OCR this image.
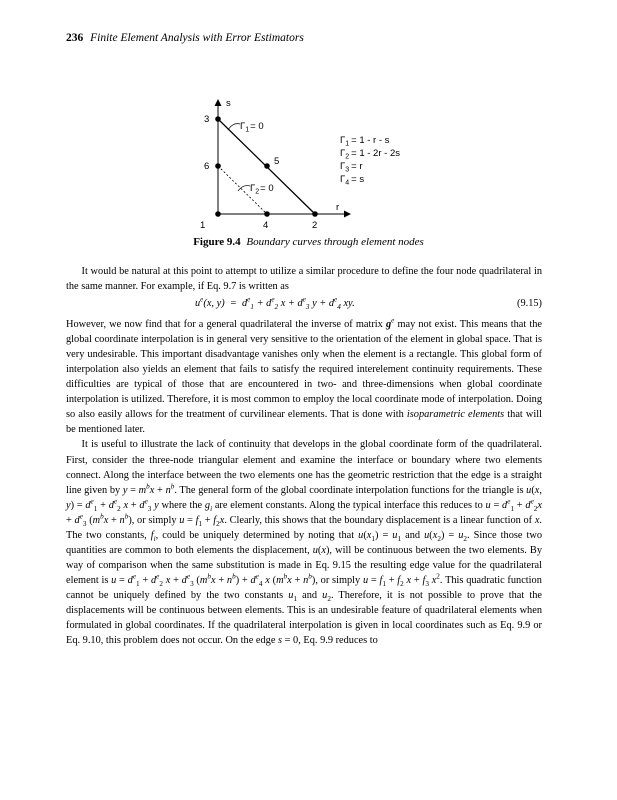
236 Finite Element Analysis with Error Estimators
s
r
1	2
3
4
5
6
$\Gamma_1= 0$
$\Gamma_2= 0$
$\Gamma_1 = 1 - r - s$
$\Gamma_2 = 1 - 2r - 2s$
$\Gamma_3 = r$
$\Gamma_4 = s$
Figure 9.4 Boundary curves through element nodes

It would be natural at this point to attempt to utilize a similar procedure to define the four node quadrilateral in the same manner. For example, if Eq. 9.7 is written as

$u^e(x$, $y) = d^e_1 + d^e_2$ $x + d^e_3$ $y + d^e_4$ xy.	(9.15)

However, we now find that for a general quadrilateral the inverse of matrix $g^e$ may not exist. This means that the global coordinate interpolation is in general very sensitive to the orientation of the element in global space. That is very undesirable. This important disadvantage vanishes only when the element is a rectangle. This global form of interpolation also yields an element that fails to satisfy the required interelement continuity requirements. These difficulties are typical of those that are encountered in two- and three-dimensions when global coordinate interpolation is utilized. Therefore, it is most common to employ the local coordinate mode of interpolation. Doing so also easily allows for the treatment of curvilinear elements. That is done with isoparametric elements that will be mentioned later.

It is useful to illustrate the lack of continuity that develops in the global coordinate form of the quadrilateral. First, consider the three-node triangular element and examine the interface or boundary where two elements connect. Along the interface between the two elements one has the geometric restriction that the edge is a straight line given by $y = m^bx + n^b$. The general form of the global coordinate interpolation functions for the triangle is u(x, $y) = d^e_1 + d^e_2$ $x + d^e_3$ y where the $g_i$ are element constants. Along the typical interface this reduces to $u = d^e_1 + d^e_2x + d^e_3$ $(m^bx + n^b)$, or simply $u = f_1 + f_2x$. Clearly, this shows that the boundary displacement is a linear function of x. The two constants, $f_i$, could be uniquely determined by noting that $u(x_1) = u_1$ and $u(x_2) = u_2$. Since those two quantities are common to both elements the displacement, u(x), will be continuous between the two elements. By way of comparison when the same substitution is made in Eq. 9.15 the resulting edge value for the quadrilateral element is $u = d^e_1 + d^e_2$ $x + d^e_3$ $(m^bx + n^b) + d^e_4$ x $(m^bx + n^b)$, or simply $u = f_1 + f_2$ $x + f_3$ $x^2$. This quadratic function cannot be uniquely defined by the two constants $u_1$ and $u_2$. Therefore, it is not possible to prove that the displacements will be continuous between elements. This is an undesirable feature of quadrilateral elements when formulated in global coordinates. If the quadrilateral interpolation is given in local coordinates such as Eq. 9.9 or Eq. 9.10, this problem does not occur. On the edge s = 0, Eq. 9.9 reduces to
